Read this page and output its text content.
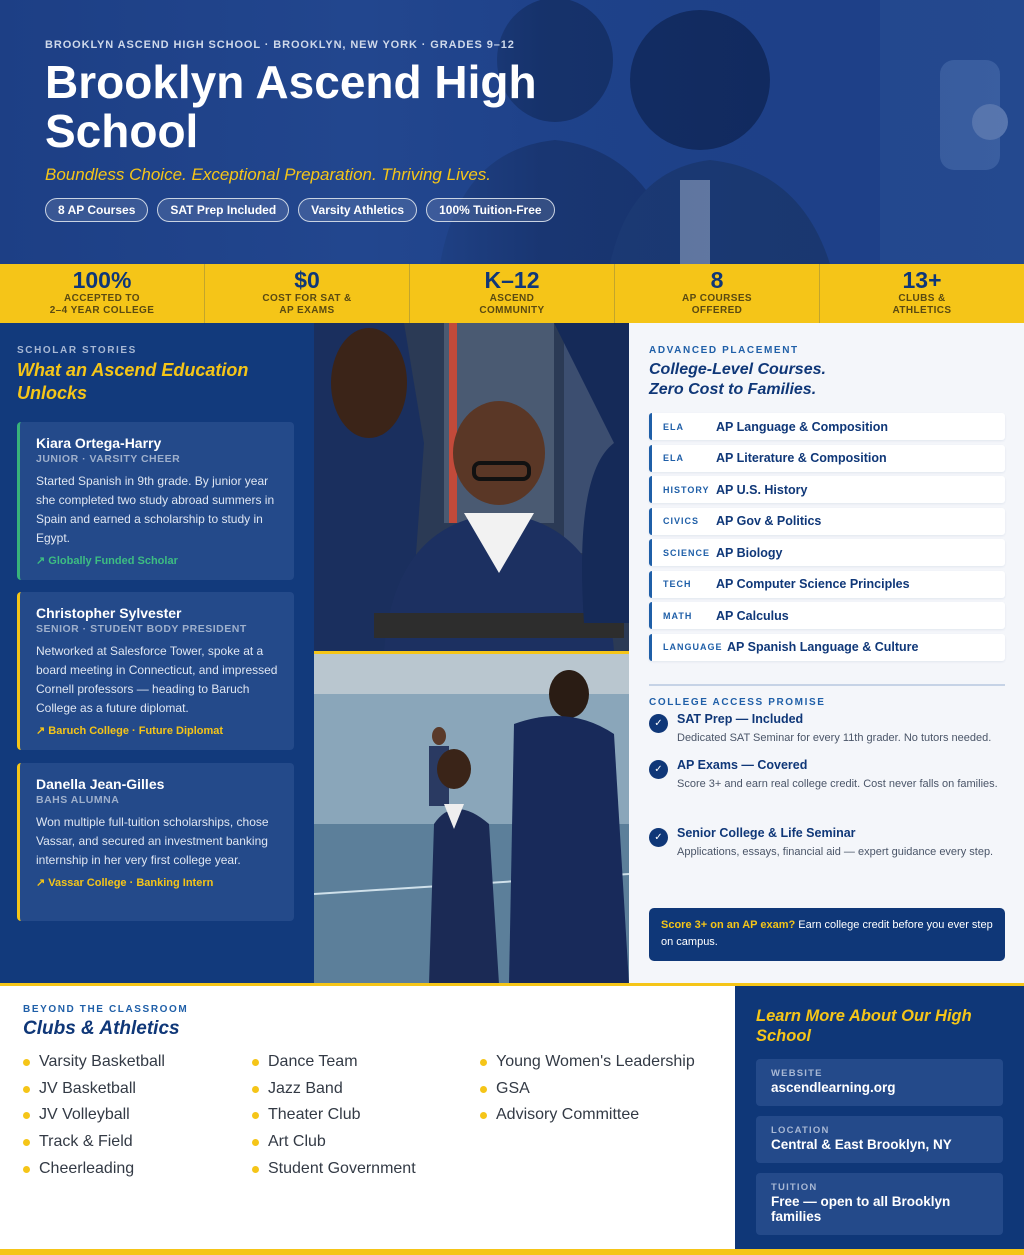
BROOKLYN ASCEND HIGH SCHOOL · BROOKLYN, NEW YORK · GRADES 9–12
Brooklyn Ascend High School
Boundless Choice. Exceptional Preparation. Thriving Lives.
8 AP Courses	SAT Prep Included	Varsity Athletics	100% Tuition-Free
100%
ACCEPTED TO
2–4 YEAR COLLEGE
$0
COST FOR SAT &
AP EXAMS
K–12
ASCEND
COMMUNITY
8
AP COURSES
OFFERED
13+
CLUBS &
ATHLETICS
SCHOLAR STORIES
What an Ascend Education Unlocks
Kiara Ortega-Harry
JUNIOR · VARSITY CHEER
Started Spanish in 9th grade. By junior year she completed two study abroad summers in Spain and earned a scholarship to study in Egypt.
↗ Globally Funded Scholar
Christopher Sylvester
SENIOR · STUDENT BODY PRESIDENT
Networked at Salesforce Tower, spoke at a board meeting in Connecticut, and impressed Cornell professors — heading to Baruch College as a future diplomat.
↗ Baruch College · Future Diplomat
Danella Jean-Gilles
BAHS ALUMNA
Won multiple full-tuition scholarships, chose Vassar, and secured an investment banking internship in her very first college year.
↗ Vassar College · Banking Intern
ADVANCED PLACEMENT
College-Level Courses.
Zero Cost to Families.
ELA	AP Language & Composition
ELA	AP Literature & Composition
HISTORY AP U.S. History
CIVICS	AP Gov & Politics
SCIENCE AP Biology
TECH	AP Computer Science Principles
MATH	AP Calculus
LANGUAGE AP Spanish Language & Culture
COLLEGE ACCESS PROMISE
✓	SAT Prep — Included
Dedicated SAT Seminar for every 11th grader. No tutors needed.
✓	AP Exams — Covered
Score 3+ and earn real college credit. Cost never falls on families.
✓	Senior College & Life Seminar
Applications, essays, financial aid — expert guidance every step.
Score 3+ on an AP exam? Earn college credit before you ever step on campus.
BEYOND THE CLASSROOM
Clubs & Athletics
Varsity Basketball
JV Basketball
JV Volleyball
Track & Field
Cheerleading
Dance Team
Jazz Band
Theater Club
Art Club
Student Government
Young Women's Leadership
GSA
Advisory Committee
Learn More About Our High School
WEBSITE
ascendlearning.org
LOCATION
Central & East Brooklyn, NY
TUITION
Free — open to all Brooklyn families
